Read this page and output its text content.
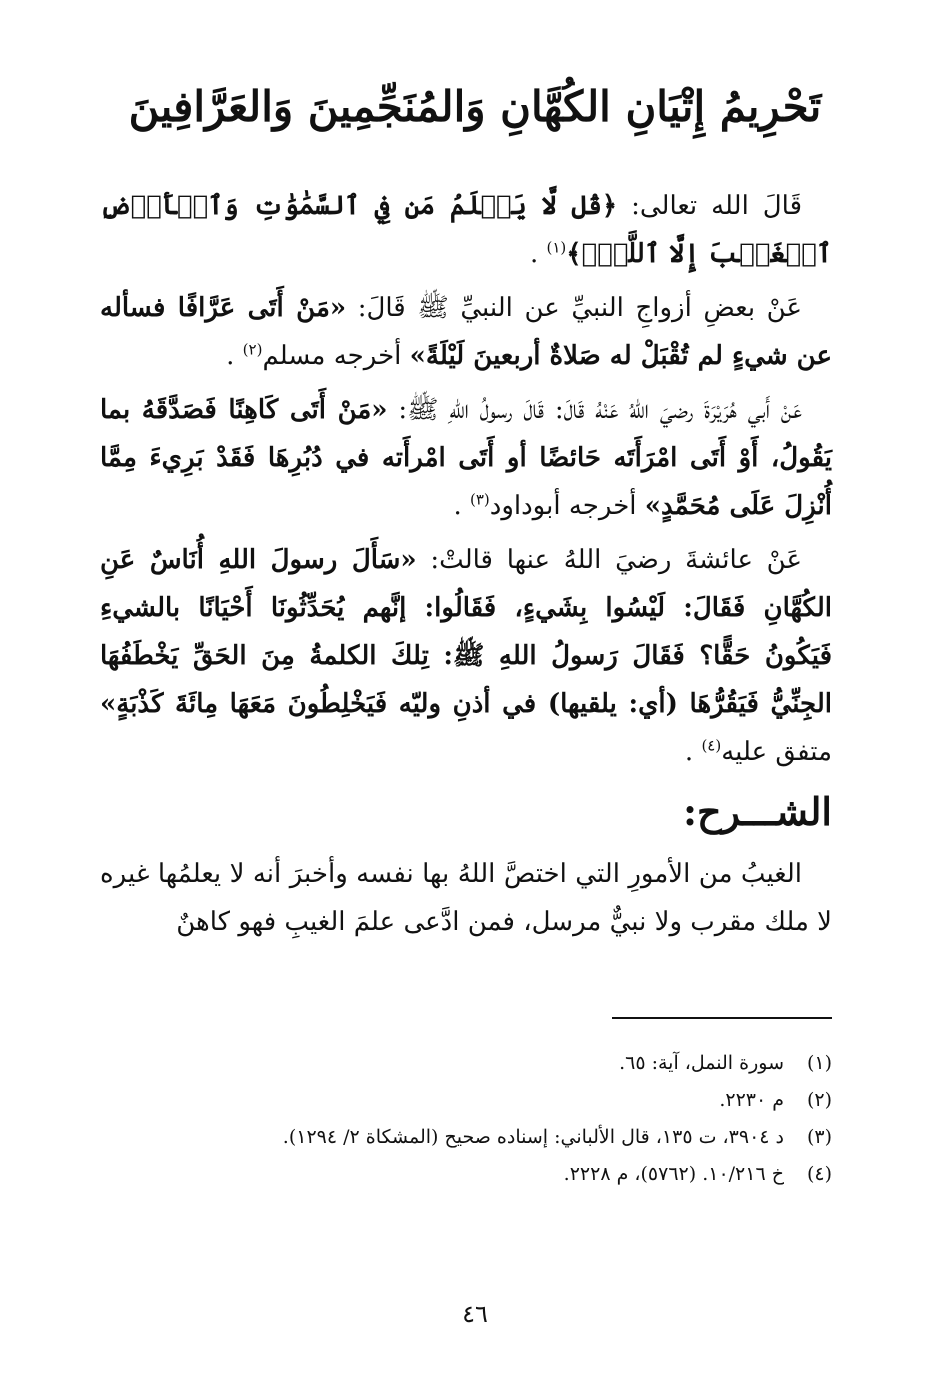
تَحْرِيمُ إِتْيَانِ الكُهَّانِ وَالمُنَجِّمِينَ وَالعَرَّافِينَ

قَالَ الله تعالى: ﴿قُل لَّا يَعۡلَمُ مَن فِي ٱلسَّمَٰوَٰتِ وَٱلۡأَرۡضِ ٱلۡغَيۡبَ إِلَّا ٱللَّهُۚ﴾$^{(١)}$ .

عَنْ بعضِ أزواجِ النبيِّ عن النبيِّ ﷺ قَالَ: «مَنْ أَتَى عَرَّافًا فسأله عن شيءٍ لم تُقْبَلْ له صَلاةٌ أربعينَ لَيْلَةً» أخرجه مسلم$^{(٢)}$ .

عَنْ أَبي هُرَيْرَةَ رضيَ اللهُ عَنْهُ قَالَ: قَالَ رسولُ اللهِ ﷺ: «مَنْ أَتَى كَاهِنًا فَصَدَّقَهُ بما يَقُولُ، أَوْ أَتَى امْرَأَتَه حَائضًا أو أَتَى امْرأَته في دُبُرِهَا فَقَدْ بَرِيءَ مِمَّا أُنْزِلَ عَلَى مُحَمَّدٍ» أخرجه أبوداود$^{(٣)}$ .

عَنْ عائشةَ رضيَ اللهُ عنها قالتْ: «سَأَلَ رسولَ اللهِ أُنَاسٌ عَنِ الكُهَّانِ فَقَالَ: لَيْسُوا بِشَيءٍ، فَقَالُوا: إنَّهم يُحَدِّثُونَا أَحْيَانًا بالشيءِ فَيَكُونُ حَقًّا؟ فَقَالَ رَسولُ اللهِ ﷺ: تِلكَ الكلمةُ مِنَ الحَقِّ يَخْطَفُهَا الجِنِّيُّ فَيَقُرُّهَا (أي: يلقيها) في أذنِ وليّه فَيَخْلِطُونَ مَعَهَا مِائَةَ كَذْبَةٍ» متفق عليه$^{(٤)}$ .

الشـــرح:

الغيبُ من الأمورِ التي اختصَّ اللهُ بها نفسه وأخبرَ أنه لا يعلمُها غيره لا ملك مقرب ولا نبيٌّ مرسل، فمن ادَّعى علمَ الغيبِ فهو كاهنٌ

(١)
سورة النمل، آية: ٦٥.
(٢)
م ٢٢٣٠.
(٣)
د ٣٩٠٤، ت ١٣٥، قال الألباني: إسناده صحيح (المشكاة ٢/ ١٢٩٤).
(٤)
خ ١٠/٢١٦. (٥٧٦٢)، م ٢٢٢٨.
٤٦
